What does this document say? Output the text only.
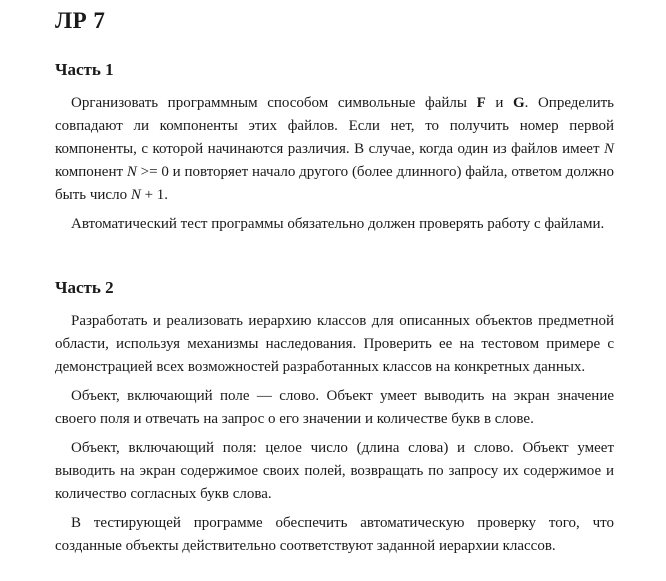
ЛР 7
Часть 1

Организовать программным способом символьные файлы F и G. Определить совпадают ли компоненты этих файлов. Если нет, то получить номер первой компоненты, с которой начинаются различия. В случае, когда один из файлов имеет N компонент N >= 0 и повторяет начало другого (более длинного) файла, ответом должно быть число N + 1.

Автоматический тест программы обязательно должен проверять работу с файлами.

Часть 2

Разработать и реализовать иерархию классов для описанных объектов предметной области, используя механизмы наследования. Проверить ее на тестовом примере с демонстрацией всех возможностей разработанных классов на конкретных данных.

Объект, включающий поле — слово. Объект умеет выводить на экран значение своего поля и отвечать на запрос о его значении и количестве букв в слове.

Объект, включающий поля: целое число (длина слова) и слово. Объект умеет выводить на экран содержимое своих полей, возвращать по запросу их содержимое и количество согласных букв слова.

В тестирующей программе обеспечить автоматическую проверку того, что созданные объекты действительно соответствуют заданной иерархии классов.
